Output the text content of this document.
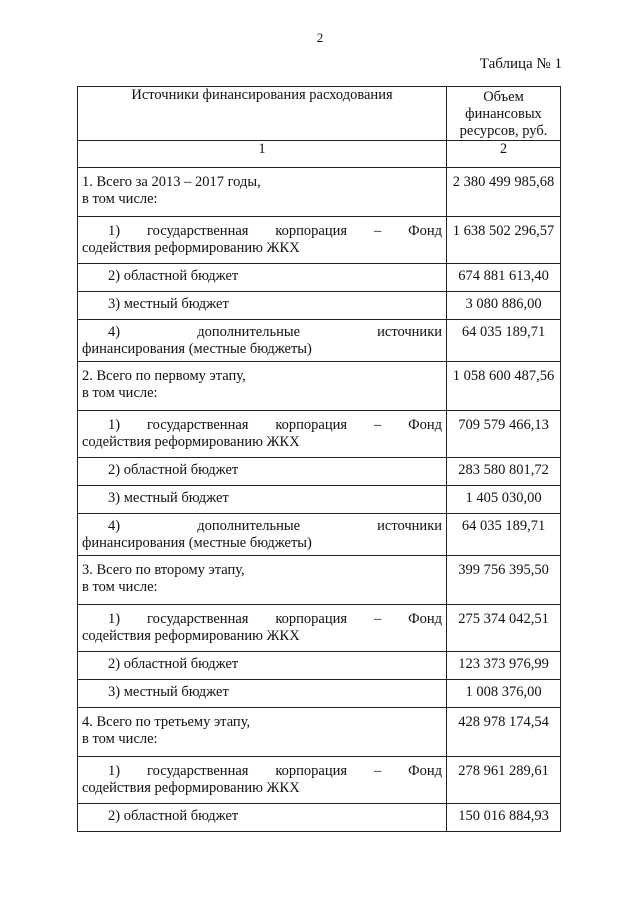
2
Таблица № 1
Источники финансирования расходования	Объем финансовых
ресурсов, руб.
1	2
1. Всего за 2013 – 2017 годы,
в том числе:	2 380 499 985,68

1) государственная корпорация – Фонд
содействия реформированию ЖКХ	1 638 502 296,57
2) областной бюджет	674 881 613,40
3) местный бюджет	3 080 886,00

4) дополнительные источники
финансирования (местные бюджеты)	64 035 189,71
2. Всего по первому этапу,
в том числе:	1 058 600 487,56

1) государственная корпорация – Фонд
содействия реформированию ЖКХ	709 579 466,13
2) областной бюджет	283 580 801,72
3) местный бюджет	1 405 030,00

4) дополнительные источники
финансирования (местные бюджеты)	64 035 189,71
3. Всего по второму этапу,
в том числе:	399 756 395,50

1) государственная корпорация – Фонд
содействия реформированию ЖКХ	275 374 042,51
2) областной бюджет	123 373 976,99
3) местный бюджет	1 008 376,00
4. Всего по третьему этапу,
в том числе:	428 978 174,54

1) государственная корпорация – Фонд
содействия реформированию ЖКХ	278 961 289,61
2) областной бюджет	150 016 884,93
